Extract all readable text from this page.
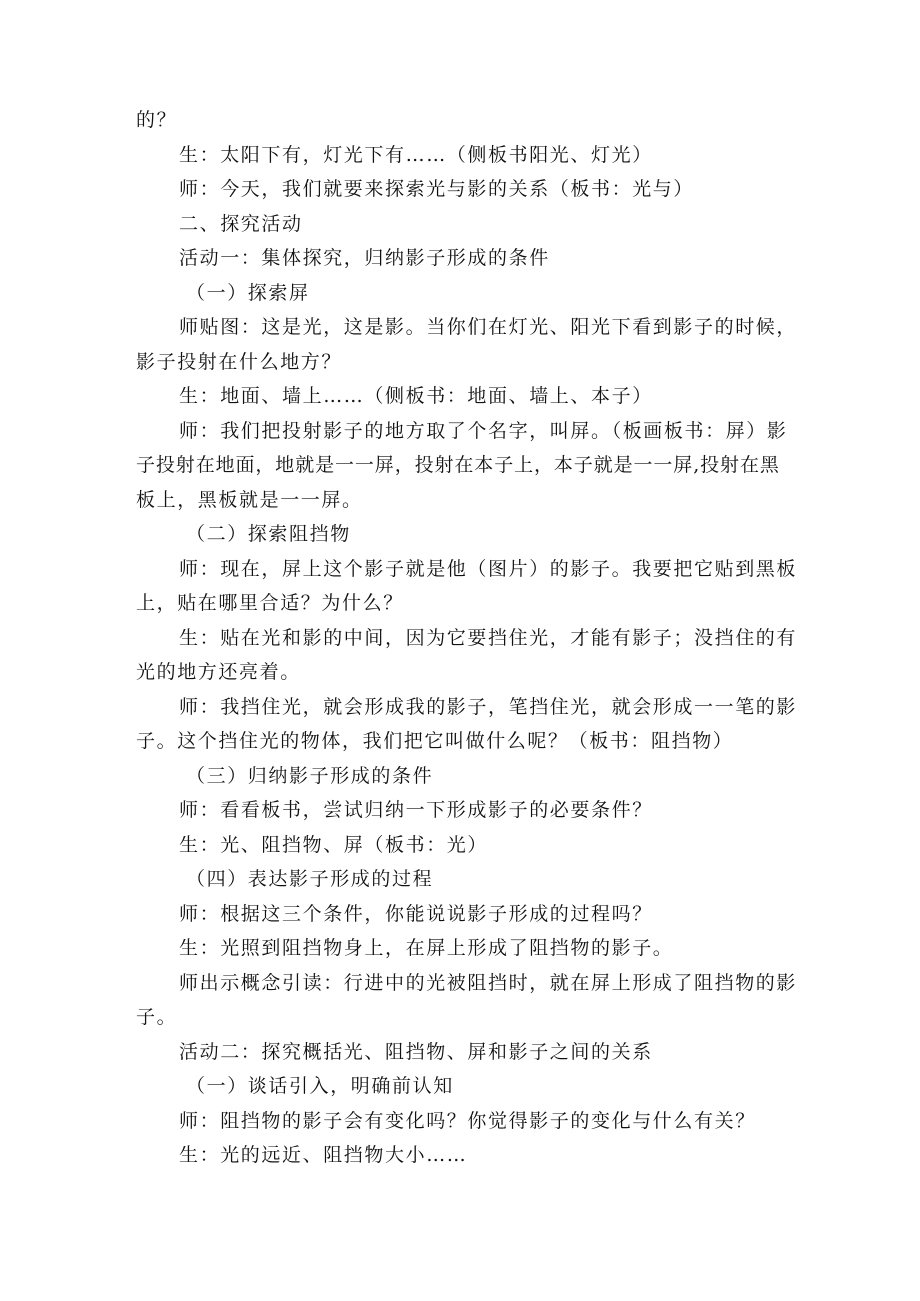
的？
生：太阳下有，灯光下有……（侧板书阳光、灯光）
师：今天，我们就要来探索光与影的关系（板书：光与）
二、探究活动
活动一：集体探究，归纳影子形成的条件
（一）探索屏
师贴图：这是光，这是影。当你们在灯光、阳光下看到影子的时候，
影子投射在什么地方？
生：地面、墙上……（侧板书：地面、墙上、本子）
师：我们把投射影子的地方取了个名字，叫屏。（板画板书：屏）影
子投射在地面，地就是一一屏，投射在本子上，本子就是一一屏,投射在黑
板上，黑板就是一一屏。
（二）探索阻挡物
师：现在，屏上这个影子就是他（图片）的影子。我要把它贴到黑板
上，贴在哪里合适？为什么？
生：贴在光和影的中间，因为它要挡住光，才能有影子；没挡住的有
光的地方还亮着。
师：我挡住光，就会形成我的影子，笔挡住光，就会形成一一笔的影
子。这个挡住光的物体，我们把它叫做什么呢？（板书：阻挡物）
（三）归纳影子形成的条件
师：看看板书，尝试归纳一下形成影子的必要条件？
生：光、阻挡物、屏（板书：光）
（四）表达影子形成的过程
师：根据这三个条件，你能说说影子形成的过程吗？
生：光照到阻挡物身上，在屏上形成了阻挡物的影子。
师出示概念引读：行进中的光被阻挡时，就在屏上形成了阻挡物的影
子。
活动二：探究概括光、阻挡物、屏和影子之间的关系
（一）谈话引入，明确前认知
师：阻挡物的影子会有变化吗？你觉得影子的变化与什么有关？
生：光的远近、阻挡物大小……
